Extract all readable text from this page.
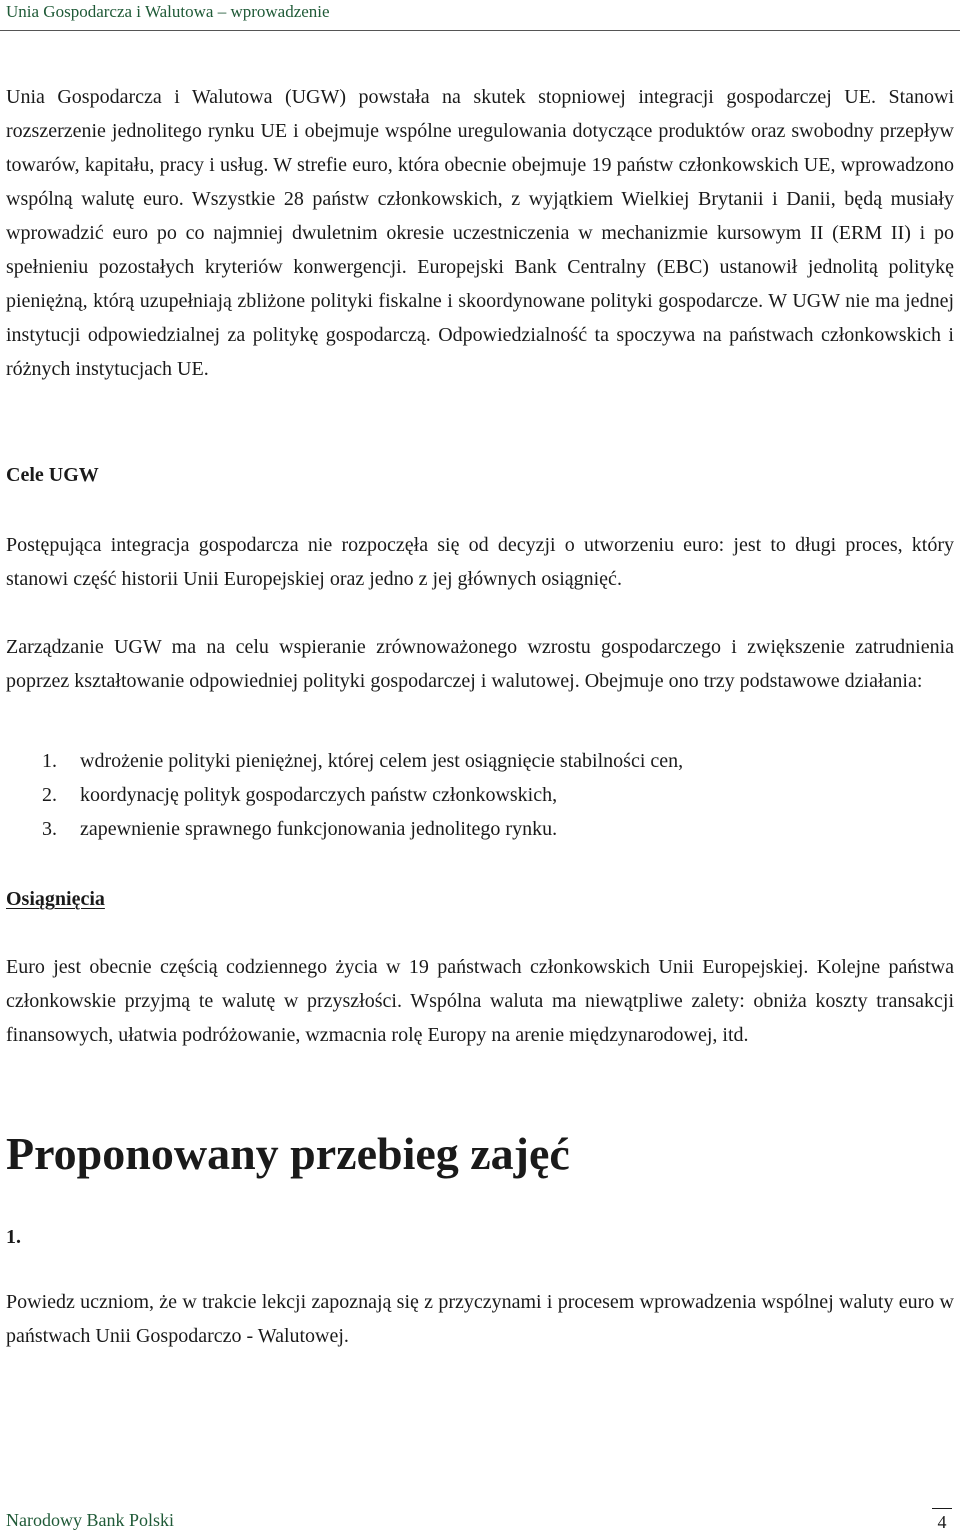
Unia Gospodarcza i Walutowa – wprowadzenie

Unia Gospodarcza i Walutowa (UGW) powstała na skutek stopniowej integracji gospodarczej UE. Stanowi rozszerzenie jednolitego rynku UE i obejmuje wspólne uregulowania dotyczące produktów oraz swobodny przepływ towarów, kapitału, pracy i usług. W strefie euro, która obecnie obejmuje 19 państw członkowskich UE, wprowadzono wspólną walutę euro. Wszystkie 28 państw członkowskich, z wyjątkiem Wielkiej Brytanii i Danii, będą musiały wprowadzić euro po co najmniej dwuletnim okresie uczestniczenia w mechanizmie kursowym II (ERM II) i po spełnieniu pozostałych kryteriów konwergencji. Europejski Bank Centralny (EBC) ustanowił jednolitą politykę pieniężną, którą uzupełniają zbliżone polityki fiskalne i skoordynowane polityki gospodarcze. W UGW nie ma jednej instytucji odpowiedzialnej za politykę gospodarczą. Odpowiedzialność ta spoczywa na państwach członkowskich i różnych instytucjach UE.

Cele UGW

Postępująca integracja gospodarcza nie rozpoczęła się od decyzji o utworzeniu euro: jest to długi proces, który stanowi część historii Unii Europejskiej oraz jedno z jej głównych osiągnięć.

Zarządzanie UGW ma na celu wspieranie zrównoważonego wzrostu gospodarczego i zwiększenie zatrudnienia poprzez kształtowanie odpowiedniej polityki gospodarczej i walutowej. Obejmuje ono trzy podstawowe działania:

1.	wdrożenie polityki pieniężnej, której celem jest osiągnięcie stabilności cen,
2.	koordynację polityk gospodarczych państw członkowskich,
3.	zapewnienie sprawnego funkcjonowania jednolitego rynku.
Osiągnięcia

Euro jest obecnie częścią codziennego życia w 19 państwach członkowskich Unii Europejskiej. Kolejne państwa członkowskie przyjmą te walutę w przyszłości. Wspólna waluta ma niewątpliwe zalety: obniża koszty transakcji finansowych, ułatwia podróżowanie, wzmacnia rolę Europy na arenie międzynarodowej, itd.

Proponowany przebieg zajęć
1.

Powiedz uczniom, że w trakcie lekcji zapoznają się z przyczynami i procesem wprowadzenia wspólnej waluty euro w państwach Unii Gospodarczo - Walutowej.

Narodowy Bank Polski	4
